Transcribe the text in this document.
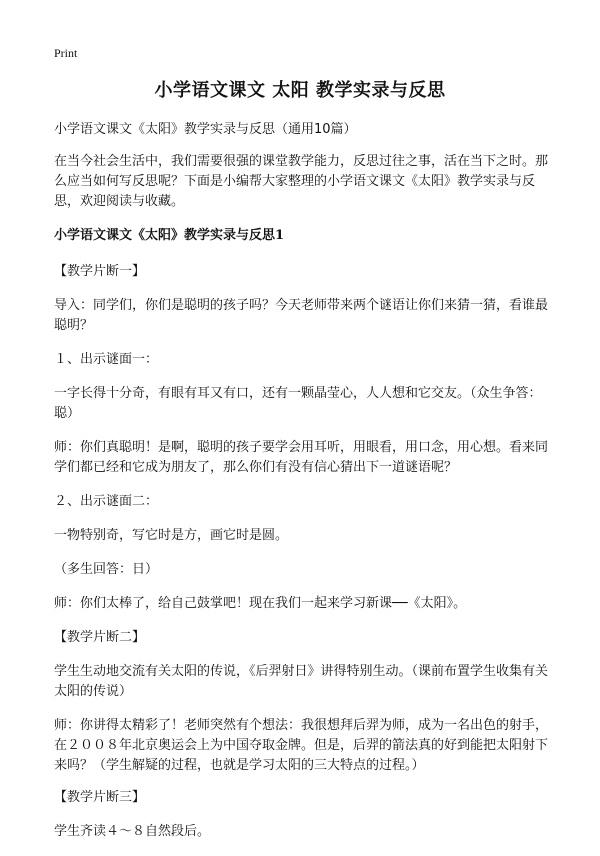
Print
小学语文课文 太阳 教学实录与反思

小学语文课文《太阳》教学实录与反思（通用10篇）

在当今社会生活中，我们需要很强的课堂教学能力，反思过往之事，活在当下之时。那么应当如何写反思呢？下面是小编帮大家整理的小学语文课文《太阳》教学实录与反思，欢迎阅读与收藏。

小学语文课文《太阳》教学实录与反思1

【教学片断一】

导入：同学们，你们是聪明的孩子吗？今天老师带来两个谜语让你们来猜一猜，看谁最聪明？

１、出示谜面一：

一字长得十分奇，有眼有耳又有口，还有一颗晶莹心，人人想和它交友。（众生争答：聪）

师：你们真聪明！是啊，聪明的孩子要学会用耳听，用眼看，用口念，用心想。看来同学们都已经和它成为朋友了，那么你们有没有信心猜出下一道谜语呢？

２、出示谜面二：

一物特别奇，写它时是方，画它时是圆。

（多生回答：日）

师：你们太棒了，给自己鼓掌吧！现在我们一起来学习新课──《太阳》。

【教学片断二】

学生生动地交流有关太阳的传说，《后羿射日》讲得特别生动。（课前布置学生收集有关太阳的传说）

师：你讲得太精彩了！老师突然有个想法：我很想拜后羿为师，成为一名出色的射手，在２００８年北京奥运会上为中国夺取金牌。但是，后羿的箭法真的好到能把太阳射下来吗？（学生解疑的过程，也就是学习太阳的三大特点的过程。）

【教学片断三】

学生齐读４～８自然段后。
